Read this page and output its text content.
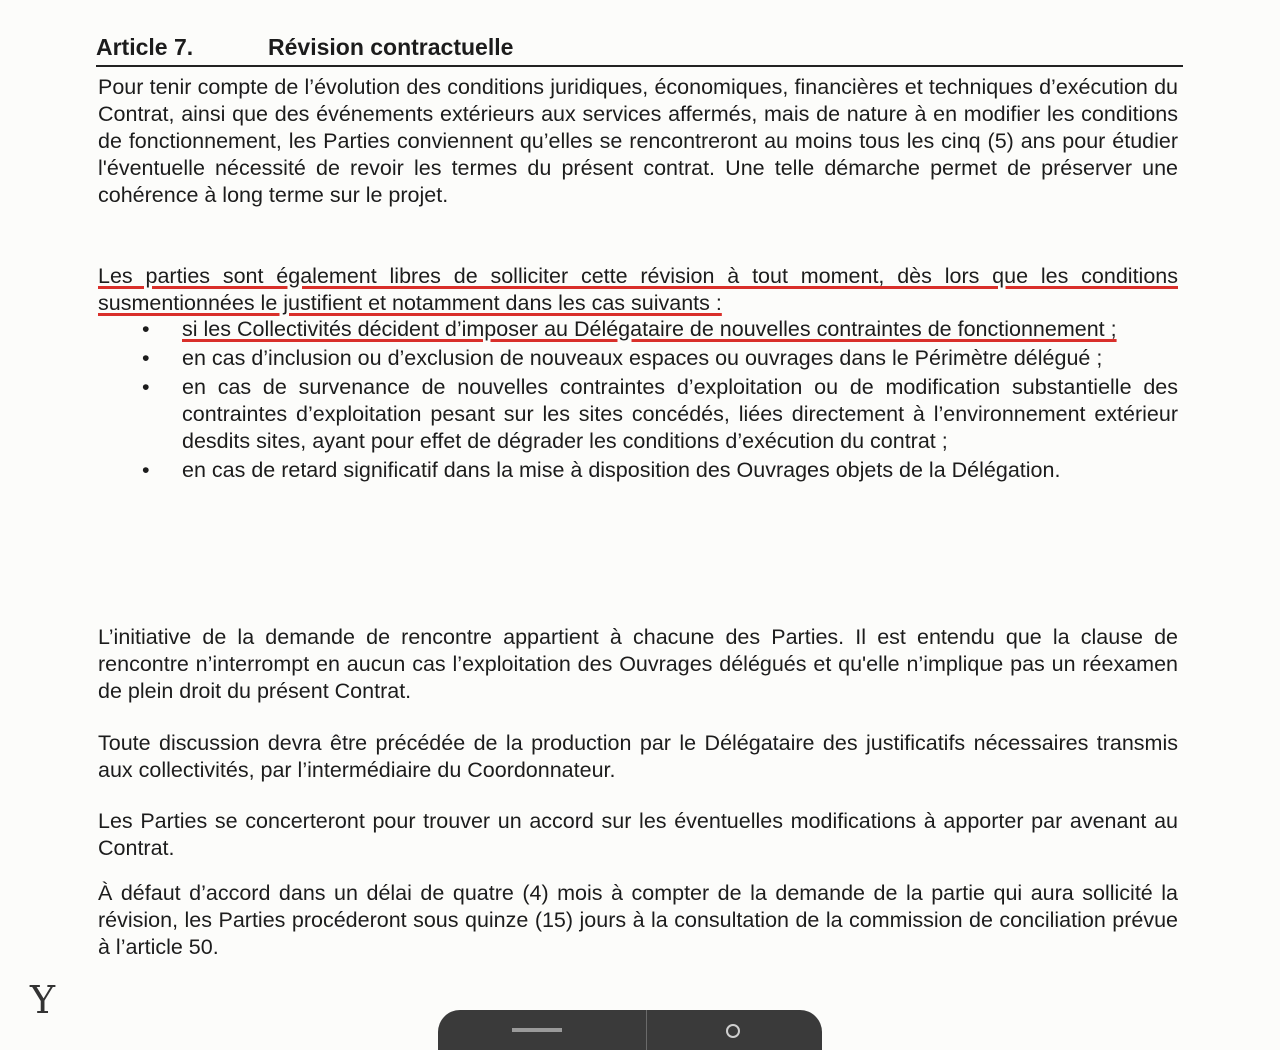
Article 7.	Révision contractuelle

Pour tenir compte de l’évolution des conditions juridiques, économiques, financières et techniques d’exécution du Contrat, ainsi que des événements extérieurs aux services affermés, mais de nature à en modifier les conditions de fonctionnement, les Parties conviennent qu’elles se rencontreront au moins tous les cinq (5) ans pour étudier l'éventuelle nécessité de revoir les termes du présent contrat. Une telle démarche permet de préserver une cohérence à long terme sur le projet.

Les parties sont également libres de solliciter cette révision à tout moment, dès lors que les conditions susmentionnées le justifient et notamment dans les cas suivants :

• si les Collectivités décident d’imposer au Délégataire de nouvelles contraintes de fonctionnement ;
• en cas d’inclusion ou d’exclusion de nouveaux espaces ou ouvrages dans le Périmètre délégué ;
• en cas de survenance de nouvelles contraintes d’exploitation ou de modification substantielle des contraintes d’exploitation pesant sur les sites concédés, liées directement à l’environnement extérieur desdits sites, ayant pour effet de dégrader les conditions d’exécution du contrat ;
• en cas de retard significatif dans la mise à disposition des Ouvrages objets de la Délégation.

L’initiative de la demande de rencontre appartient à chacune des Parties. Il est entendu que la clause de rencontre n’interrompt en aucun cas l’exploitation des Ouvrages délégués et qu'elle n’implique pas un réexamen de plein droit du présent Contrat.

Toute discussion devra être précédée de la production par le Délégataire des justificatifs nécessaires transmis aux collectivités, par l’intermédiaire du Coordonnateur.

Les Parties se concerteront pour trouver un accord sur les éventuelles modifications à apporter par avenant au Contrat.

À défaut d’accord dans un délai de quatre (4) mois à compter de la demande de la partie qui aura sollicité la révision, les Parties procéderont sous quinze (15) jours à la consultation de la commission de conciliation prévue à l’article 50.

Y
